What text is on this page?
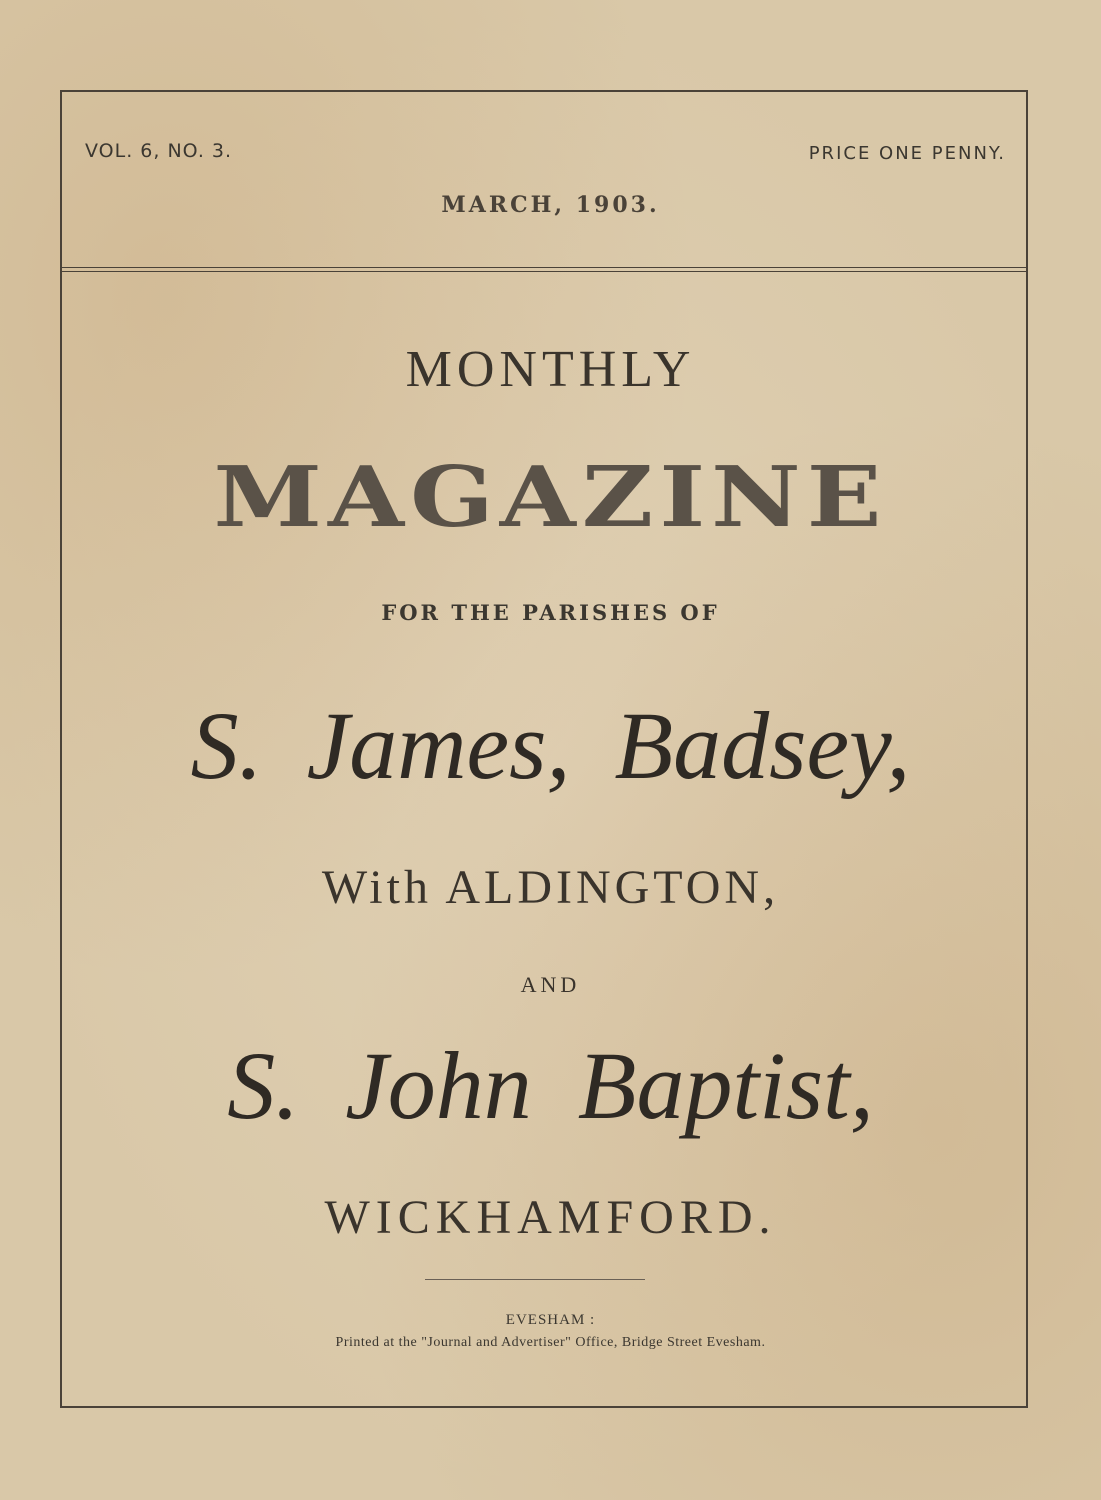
VOL. 6, NO. 3.	PRICE ONE PENNY.
MARCH, 1903.
MONTHLY
MAGAZINE
FOR THE PARISHES OF
S. James, Badsey,
With ALDINGTON,
AND
S. John Baptist,
WICKHAMFORD.
EVESHAM :
Printed at the "Journal and Advertiser" Office, Bridge Street Evesham.
